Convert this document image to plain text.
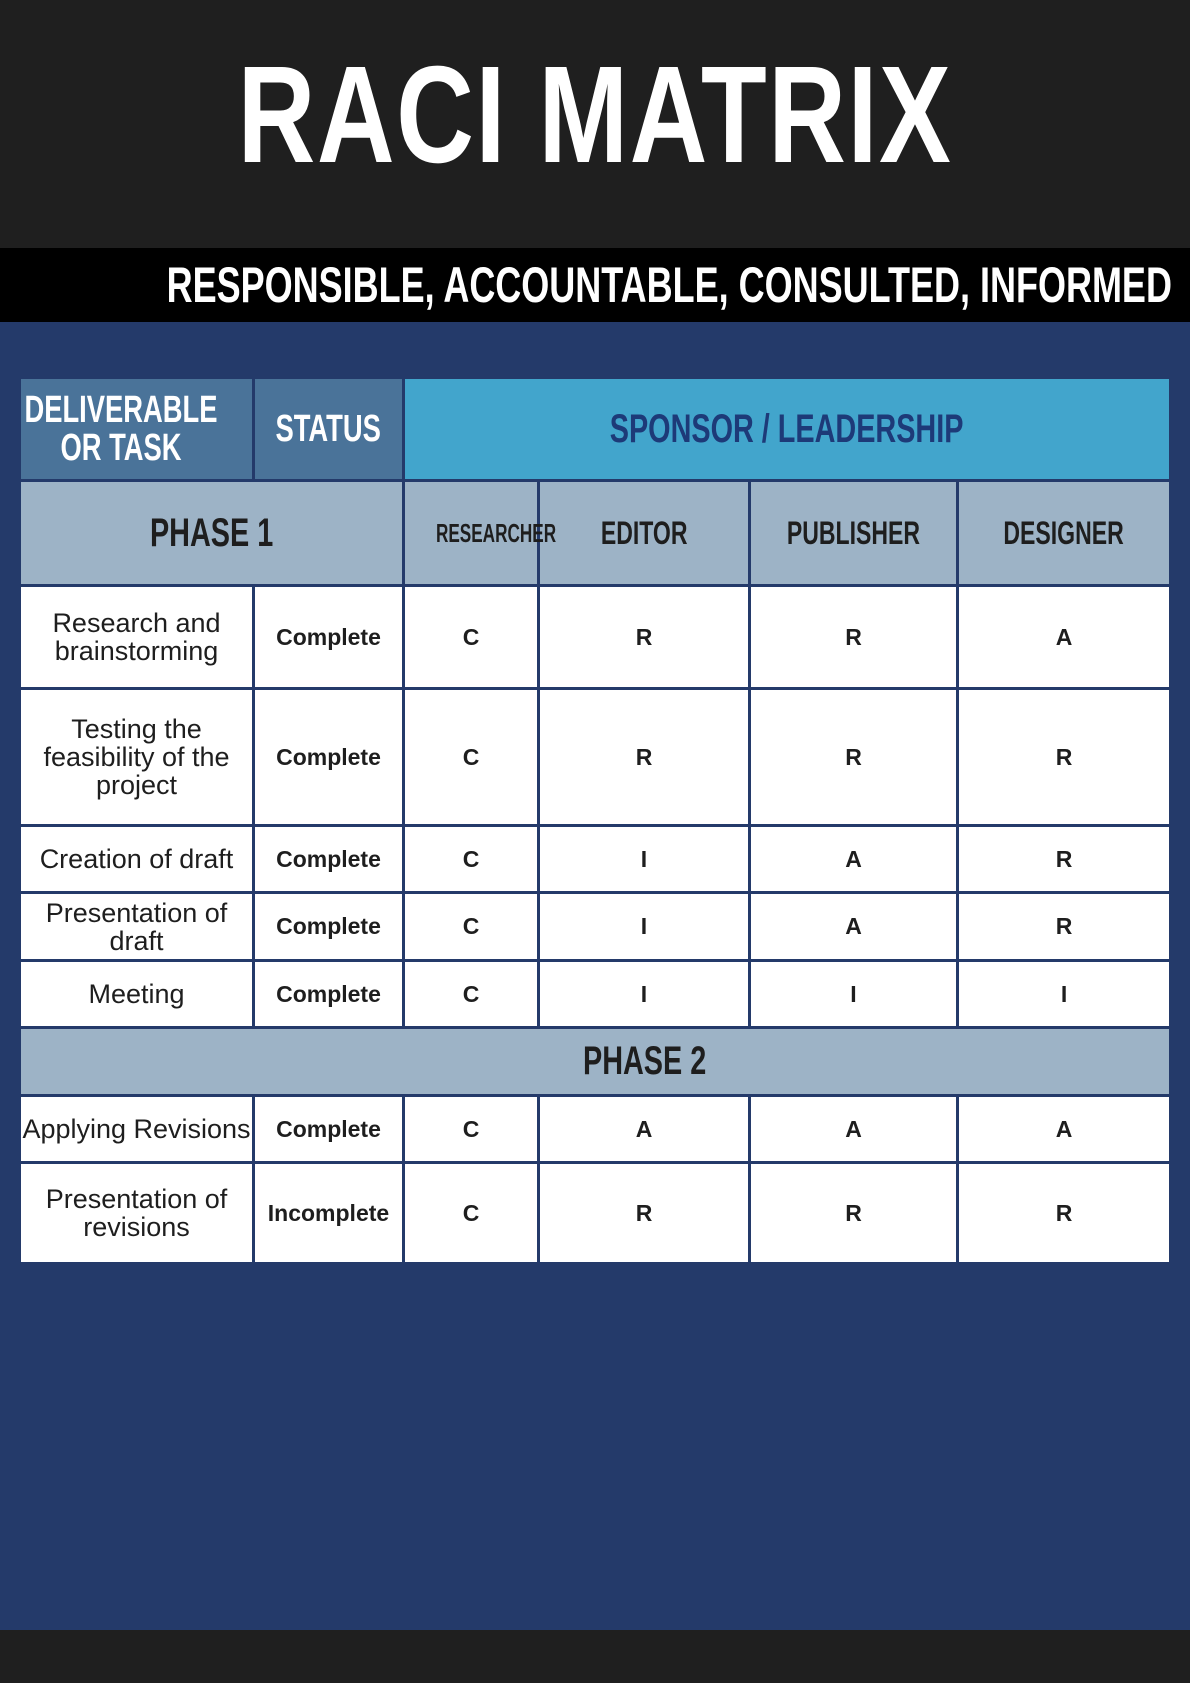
RACI MATRIX
RESPONSIBLE, ACCOUNTABLE, CONSULTED, INFORMED
DELIVERABLE OR TASK	STATUS	SPONSOR / LEADERSHIP			
PHASE 1		RESEARCHER	EDITOR	PUBLISHER	DESIGNER
Research and brainstorming	Complete	C	R	R	A
Testing the feasibility of the project	Complete	C	R	R	R
Creation of draft	Complete	C	I	A	R
Presentation of draft	Complete	C	I	A	R
Meeting	Complete	C	I	I	I
PHASE 2					
Applying Revisions	Complete	C	A	A	A
Presentation of revisions	Incomplete	C	R	R	R
